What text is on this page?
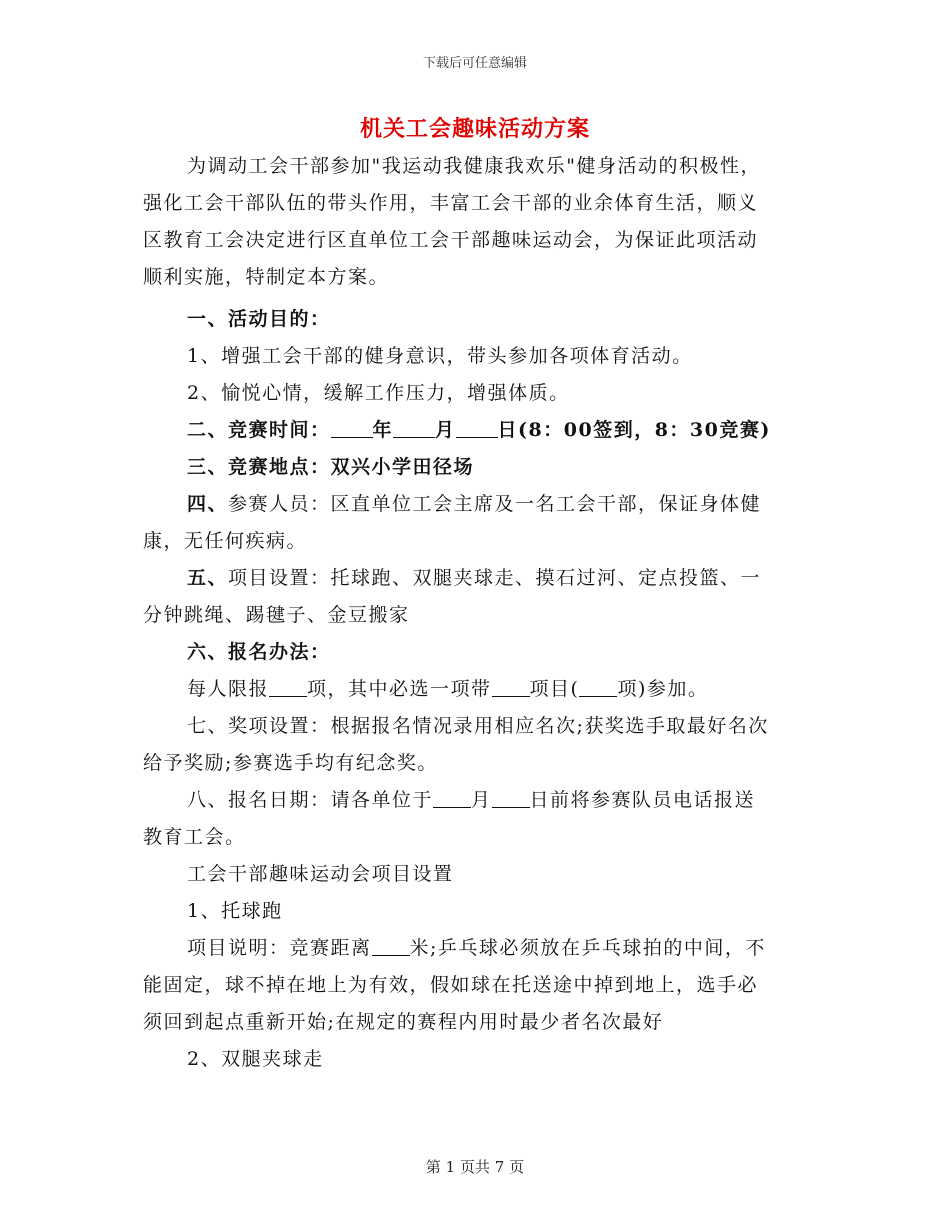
下载后可任意编辑
机关工会趣味活动方案
为调动工会干部参加"我运动我健康我欢乐"健身活动的积极性，
强化工会干部队伍的带头作用，丰富工会干部的业余体育生活，顺义
区教育工会决定进行区直单位工会干部趣味运动会，为保证此项活动
顺利实施，特制定本方案。
一、活动目的：
1、增强工会干部的健身意识，带头参加各项体育活动。
2、愉悦心情，缓解工作压力，增强体质。
二、竞赛时间： 年 月 日(8：00签到，8：30竞赛)
三、竞赛地点：双兴小学田径场
四、参赛人员：区直单位工会主席及一名工会干部，保证身体健
康，无任何疾病。
五、项目设置：托球跑、双腿夹球走、摸石过河、定点投篮、一
分钟跳绳、踢毽子、金豆搬家
六、报名办法：
每人限报 项，其中必选一项带 项目( 项)参加。
七、奖项设置：根据报名情况录用相应名次;获奖选手取最好名次
给予奖励;参赛选手均有纪念奖。
八、报名日期：请各单位于 月 日前将参赛队员电话报送
教育工会。
工会干部趣味运动会项目设置
1、托球跑
项目说明：竞赛距离 米;乒乓球必须放在乒乓球拍的中间，不
能固定，球不掉在地上为有效，假如球在托送途中掉到地上，选手必
须回到起点重新开始;在规定的赛程内用时最少者名次最好
2、双腿夹球走
第 1 页共 7 页
